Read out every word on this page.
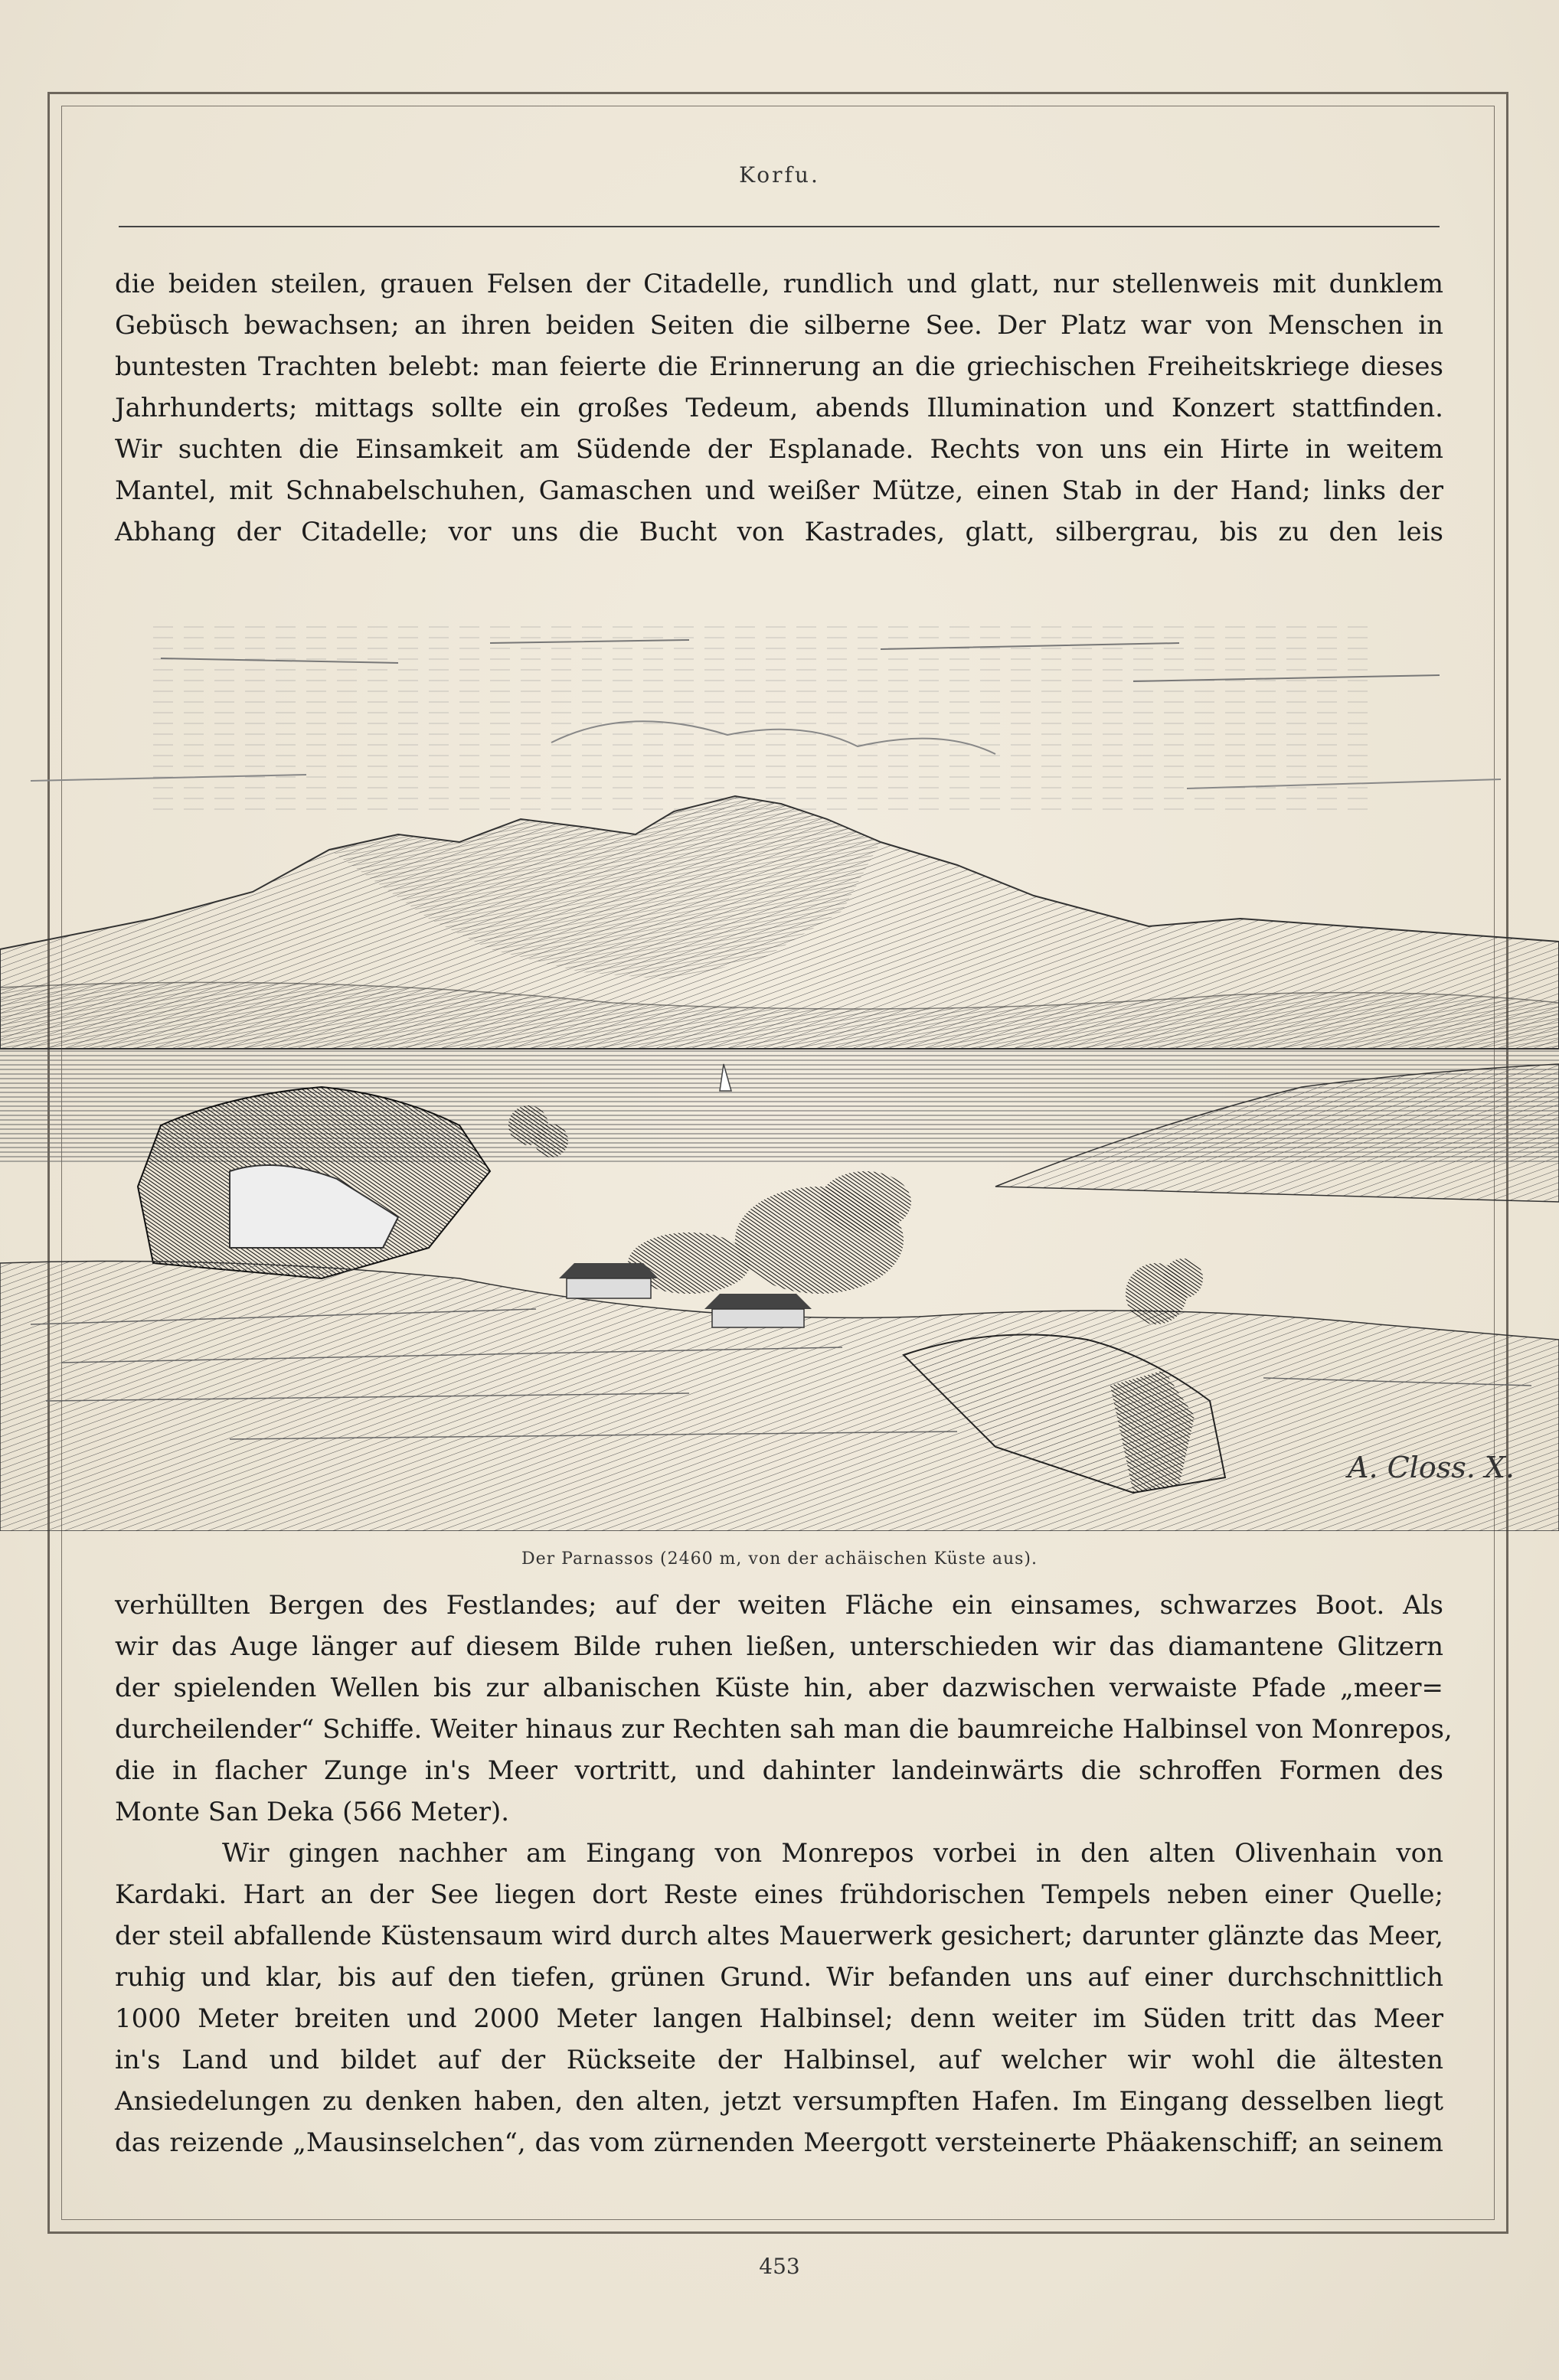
Korfu.
die beiden steilen, grauen Felsen der Citadelle, rundlich und glatt, nur stellenweis mit dunklem
Gebüsch bewachsen; an ihren beiden Seiten die silberne See. Der Platz war von Menschen in
buntesten Trachten belebt: man feierte die Erinnerung an die griechischen Freiheitskriege dieses
Jahrhunderts; mittags sollte ein großes Tedeum, abends Illumination und Konzert stattfinden.
Wir suchten die Einsamkeit am Südende der Esplanade. Rechts von uns ein Hirte in weitem
Mantel, mit Schnabelschuhen, Gamaschen und weißer Mütze, einen Stab in der Hand; links der
Abhang der Citadelle; vor uns die Bucht von Kastrades, glatt, silbergrau, bis zu den leis
A. Closs. X.
Der Parnassos (2460 m, von der achäischen Küste aus).
verhüllten Bergen des Festlandes; auf der weiten Fläche ein einsames, schwarzes Boot. Als
wir das Auge länger auf diesem Bilde ruhen ließen, unterschieden wir das diamantene Glitzern
der spielenden Wellen bis zur albanischen Küste hin, aber dazwischen verwaiste Pfade „meer=
durcheilender“ Schiffe. Weiter hinaus zur Rechten sah man die baumreiche Halbinsel von Monrepos,
die in flacher Zunge in's Meer vortritt, und dahinter landeinwärts die schroffen Formen des
Monte San Deka (566 Meter).
Wir gingen nachher am Eingang von Monrepos vorbei in den alten Olivenhain von
Kardaki. Hart an der See liegen dort Reste eines frühdorischen Tempels neben einer Quelle;
der steil abfallende Küstensaum wird durch altes Mauerwerk gesichert; darunter glänzte das Meer,
ruhig und klar, bis auf den tiefen, grünen Grund. Wir befanden uns auf einer durchschnittlich
1000 Meter breiten und 2000 Meter langen Halbinsel; denn weiter im Süden tritt das Meer
in's Land und bildet auf der Rückseite der Halbinsel, auf welcher wir wohl die ältesten
Ansiedelungen zu denken haben, den alten, jetzt versumpften Hafen. Im Eingang desselben liegt
das reizende „Mausinselchen“, das vom zürnenden Meergott versteinerte Phäakenschiff; an seinem
453
